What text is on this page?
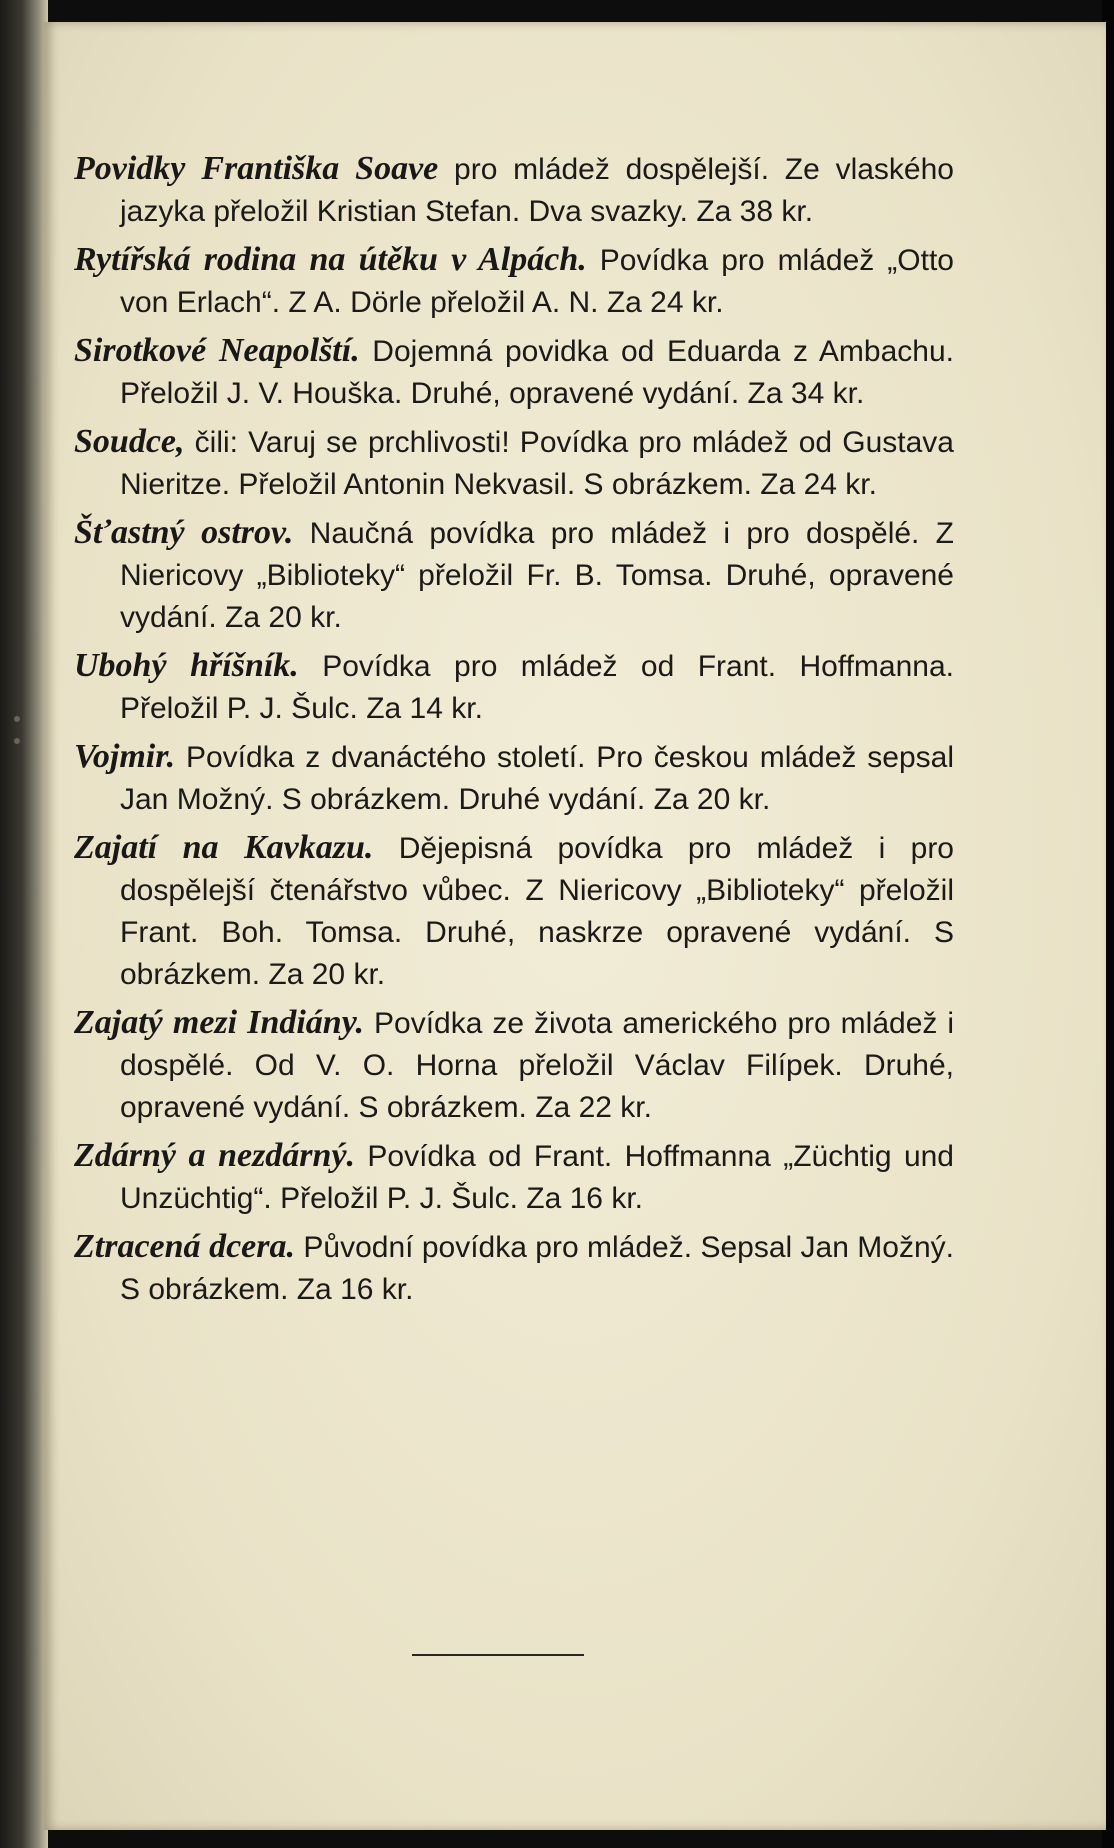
Povidky Františka Soave pro mládež dospělejší. Ze vlaského jazyka přeložil Kristian Stefan. Dva svazky. Za 38 kr.
Rytířská rodina na útěku v Alpách. Povídka pro mládež „Otto von Erlach“. Z A. Dörle přeložil A. N. Za 24 kr.
Sirotkové Neapolští. Dojemná povidka od Eduarda z Ambachu. Přeložil J. V. Houška. Druhé, opravené vydání. Za 34 kr.
Soudce, čili: Varuj se prchlivosti! Povídka pro mládež od Gustava Nieritze. Přeložil Antonin Nekvasil. S obrázkem. Za 24 kr.
Šťastný ostrov. Naučná povídka pro mládež i pro dospělé. Z Niericovy „Biblioteky“ přeložil Fr. B. Tomsa. Druhé, opravené vydání. Za 20 kr.
Ubohý hříšník. Povídka pro mládež od Frant. Hoffmanna. Přeložil P. J. Šulc. Za 14 kr.
Vojmir. Povídka z dvanáctého století. Pro českou mládež sepsal Jan Možný. S obrázkem. Druhé vydání. Za 20 kr.
Zajatí na Kavkazu. Dějepisná povídka pro mládež i pro dospělejší čtenářstvo vůbec. Z Niericovy „Biblioteky“ přeložil Frant. Boh. Tomsa. Druhé, naskrze opravené vydání. S obrázkem. Za 20 kr.
Zajatý mezi Indiány. Povídka ze života amerického pro mládež i dospělé. Od V. O. Horna přeložil Václav Filípek. Druhé, opravené vydání. S obrázkem. Za 22 kr.
Zdárný a nezdárný. Povídka od Frant. Hoffmanna „Züchtig und Unzüchtig“. Přeložil P. J. Šulc. Za 16 kr.
Ztracená dcera. Původní povídka pro mládež. Sepsal Jan Možný. S obrázkem. Za 16 kr.
